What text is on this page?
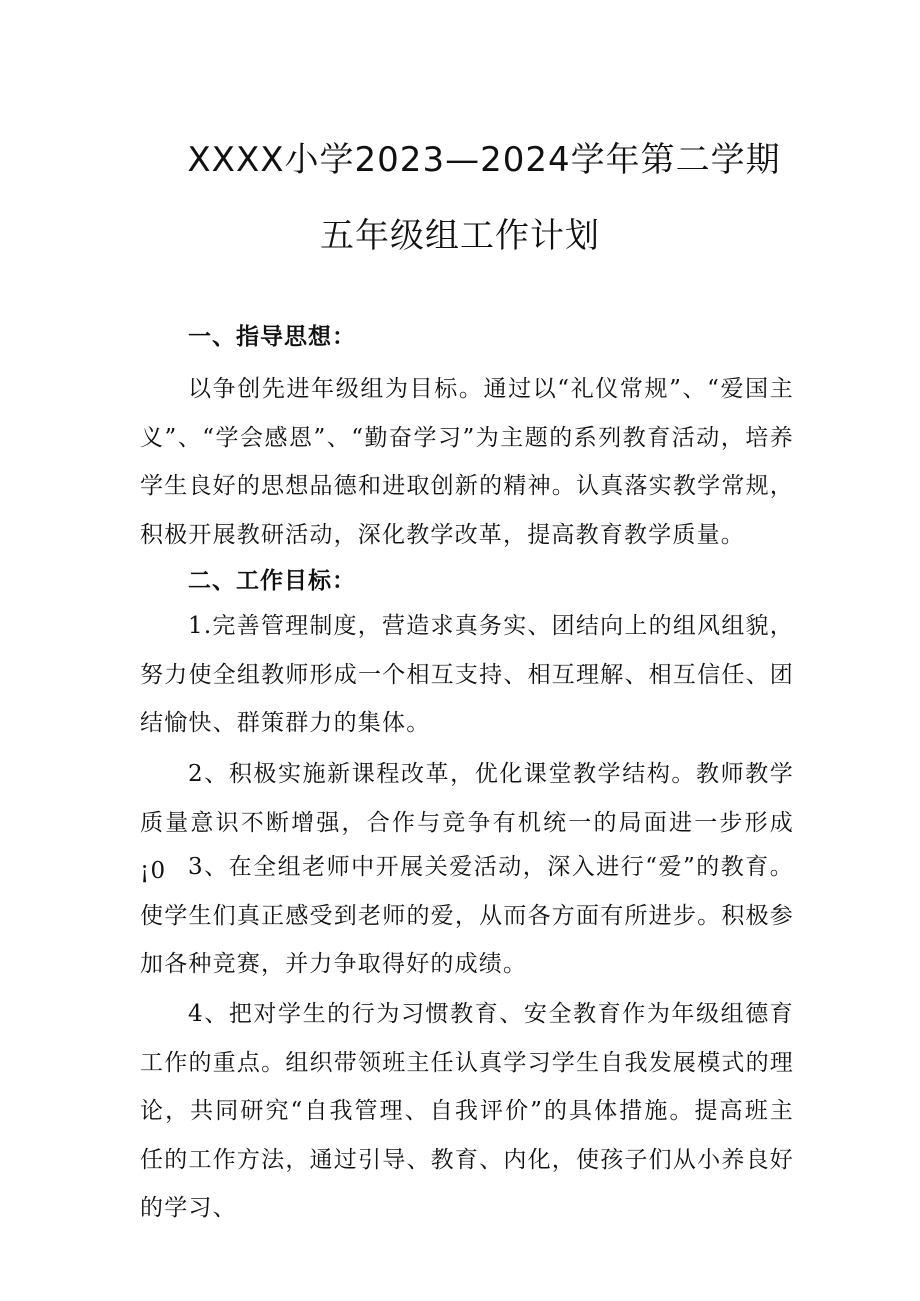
XXXX小学2023—2024学年第二学期
五年级组工作计划
一、指导思想：

以争创先进年级组为目标。通过以“礼仪常规”、“爱国主义”、“学会感恩”、“勤奋学习”为主题的系列教育活动，培养学生良好的思想品德和进取创新的精神。认真落实教学常规，积极开展教研活动，深化教学改革，提高教育教学质量。

二、工作目标：

1.完善管理制度，营造求真务实、团结向上的组风组貌，努力使全组教师形成一个相互支持、相互理解、相互信任、团结愉快、群策群力的集体。

2、积极实施新课程改革，优化课堂教学结构。教师教学质量意识不断增强，合作与竞争有机统一的局面进一步形成¡0 3、在全组老师中开展关爱活动，深入进行“爱”的教育。使学生们真正感受到老师的爱，从而各方面有所进步。积极参加各种竞赛，并力争取得好的成绩。

4、把对学生的行为习惯教育、安全教育作为年级组德育工作的重点。组织带领班主任认真学习学生自我发展模式的理论，共同研究“自我管理、自我评价”的具体措施。提高班主任的工作方法，通过引导、教育、内化，使孩子们从小养良好的学习、
